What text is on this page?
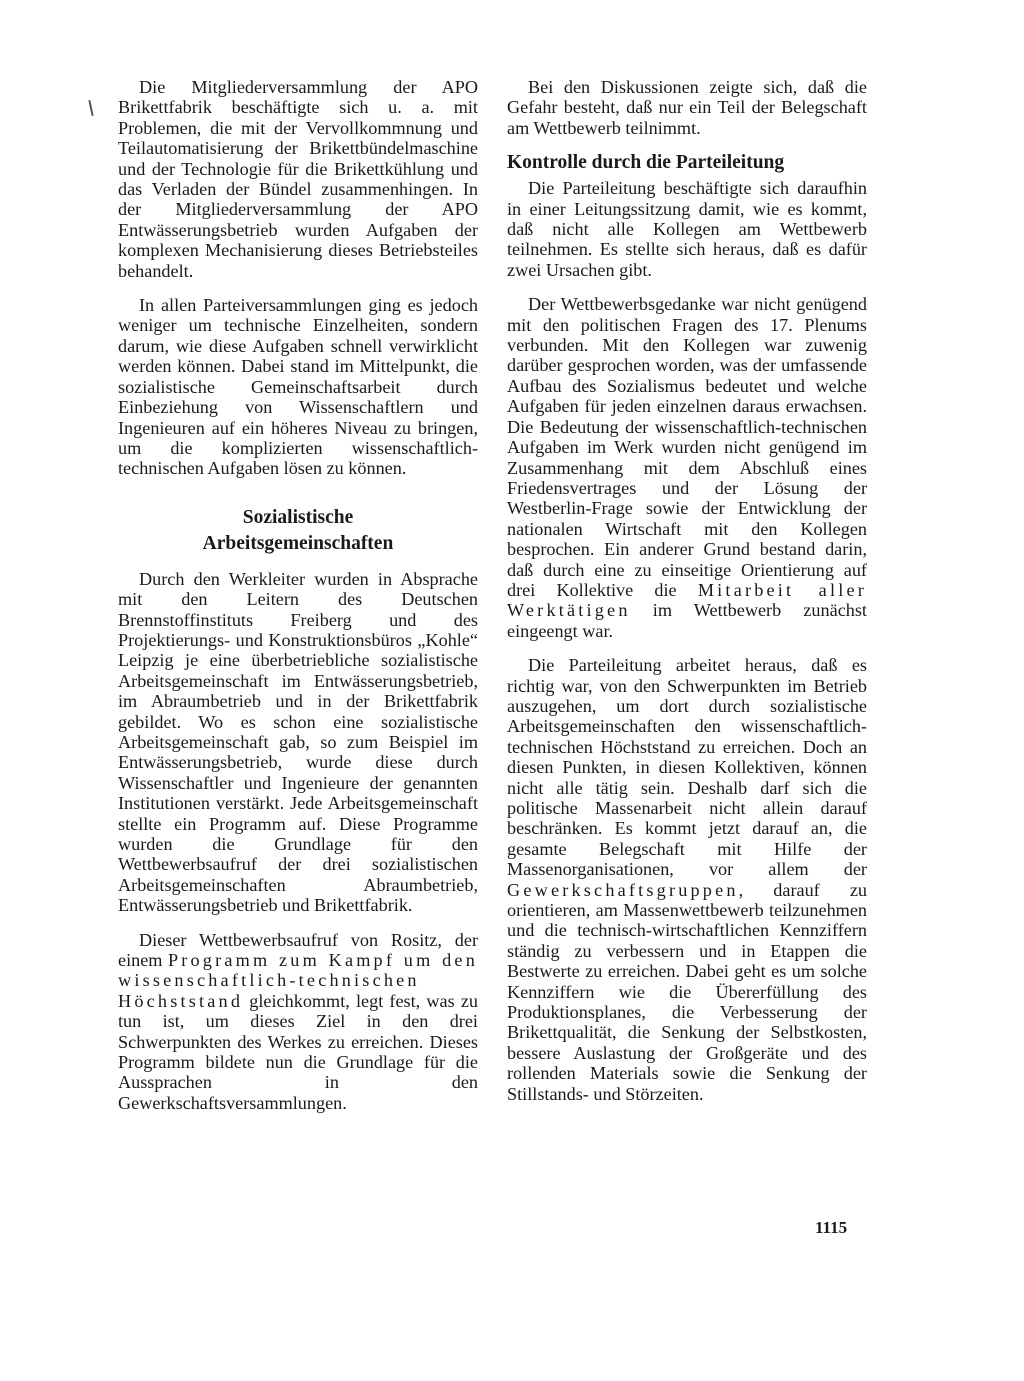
Die Mitgliederversammlung der APO Brikettfabrik beschäftigte sich u. a. mit Problemen, die mit der Vervollkommnung und Teilautomatisierung der Brikettbündelmaschine und der Technologie für die Brikettkühlung und das Verladen der Bündel zusammenhingen. In der Mitgliederversammlung der APO Entwässerungsbetrieb wurden Aufgaben der komplexen Mechanisierung dieses Betriebsteiles behandelt.

In allen Parteiversammlungen ging es jedoch weniger um technische Einzelheiten, sondern darum, wie diese Aufgaben schnell verwirklicht werden können. Dabei stand im Mittelpunkt, die sozialistische Gemeinschaftsarbeit durch Einbeziehung von Wissenschaftlern und Ingenieuren auf ein höheres Niveau zu bringen, um die komplizierten wissenschaftlich-technischen Aufgaben lösen zu können.

Sozialistische
Arbeitsgemeinschaften

Durch den Werkleiter wurden in Absprache mit den Leitern des Deutschen Brennstoffinstituts Freiberg und des Projektierungs- und Konstruktionsbüros „Kohle“ Leipzig je eine überbetriebliche sozialistische Arbeitsgemeinschaft im Entwässerungsbetrieb, im Abraumbetrieb und in der Brikettfabrik gebildet. Wo es schon eine sozialistische Arbeitsgemeinschaft gab, so zum Beispiel im Entwässerungsbetrieb, wurde diese durch Wissenschaftler und Ingenieure der genannten Institutionen verstärkt. Jede Arbeitsgemeinschaft stellte ein Programm auf. Diese Programme wurden die Grundlage für den Wettbewerbsaufruf der drei sozialistischen Arbeitsgemeinschaften Abraumbetrieb, Entwässerungsbetrieb und Brikettfabrik.

Dieser Wettbewerbsaufruf von Rositz, der einem Programm zum Kampf um den wissenschaftlich-technischen Höchststand gleichkommt, legt fest, was zu tun ist, um dieses Ziel in den drei Schwerpunkten des Werkes zu erreichen. Dieses Programm bildete nun die Grundlage für die Aussprachen in den Gewerkschaftsversammlungen.

Bei den Diskussionen zeigte sich, daß die Gefahr besteht, daß nur ein Teil der Belegschaft am Wettbewerb teilnimmt.

Kontrolle durch die Parteileitung

Die Parteileitung beschäftigte sich daraufhin in einer Leitungssitzung damit, wie es kommt, daß nicht alle Kollegen am Wettbewerb teilnehmen. Es stellte sich heraus, daß es dafür zwei Ursachen gibt.

Der Wettbewerbsgedanke war nicht genügend mit den politischen Fragen des 17. Plenums verbunden. Mit den Kollegen war zuwenig darüber gesprochen worden, was der umfassende Aufbau des Sozialismus bedeutet und welche Aufgaben für jeden einzelnen daraus erwachsen. Die Bedeutung der wissenschaftlich-technischen Aufgaben im Werk wurden nicht genügend im Zusammenhang mit dem Abschluß eines Friedensvertrages und der Lösung der Westberlin-Frage sowie der Entwicklung der nationalen Wirtschaft mit den Kollegen besprochen. Ein anderer Grund bestand darin, daß durch eine zu einseitige Orientierung auf drei Kollektive die Mitarbeit aller Werktätigen im Wettbewerb zunächst eingeengt war.

Die Parteileitung arbeitet heraus, daß es richtig war, von den Schwerpunkten im Betrieb auszugehen, um dort durch sozialistische Arbeitsgemeinschaften den wissenschaftlich-technischen Höchststand zu erreichen. Doch an diesen Punkten, in diesen Kollektiven, können nicht alle tätig sein. Deshalb darf sich die politische Massenarbeit nicht allein darauf beschränken. Es kommt jetzt darauf an, die gesamte Belegschaft mit Hilfe der Massenorganisationen, vor allem der Gewerkschaftsgruppen, darauf zu orientieren, am Massenwettbewerb teilzunehmen und die technisch-wirtschaftlichen Kennziffern ständig zu verbessern und in Etappen die Bestwerte zu erreichen. Dabei geht es um solche Kennziffern wie die Übererfüllung des Produktionsplanes, die Verbesserung der Brikettqualität, die Senkung der Selbstkosten, bessere Auslastung der Großgeräte und des rollenden Materials sowie die Senkung der Stillstands- und Störzeiten.

1115
